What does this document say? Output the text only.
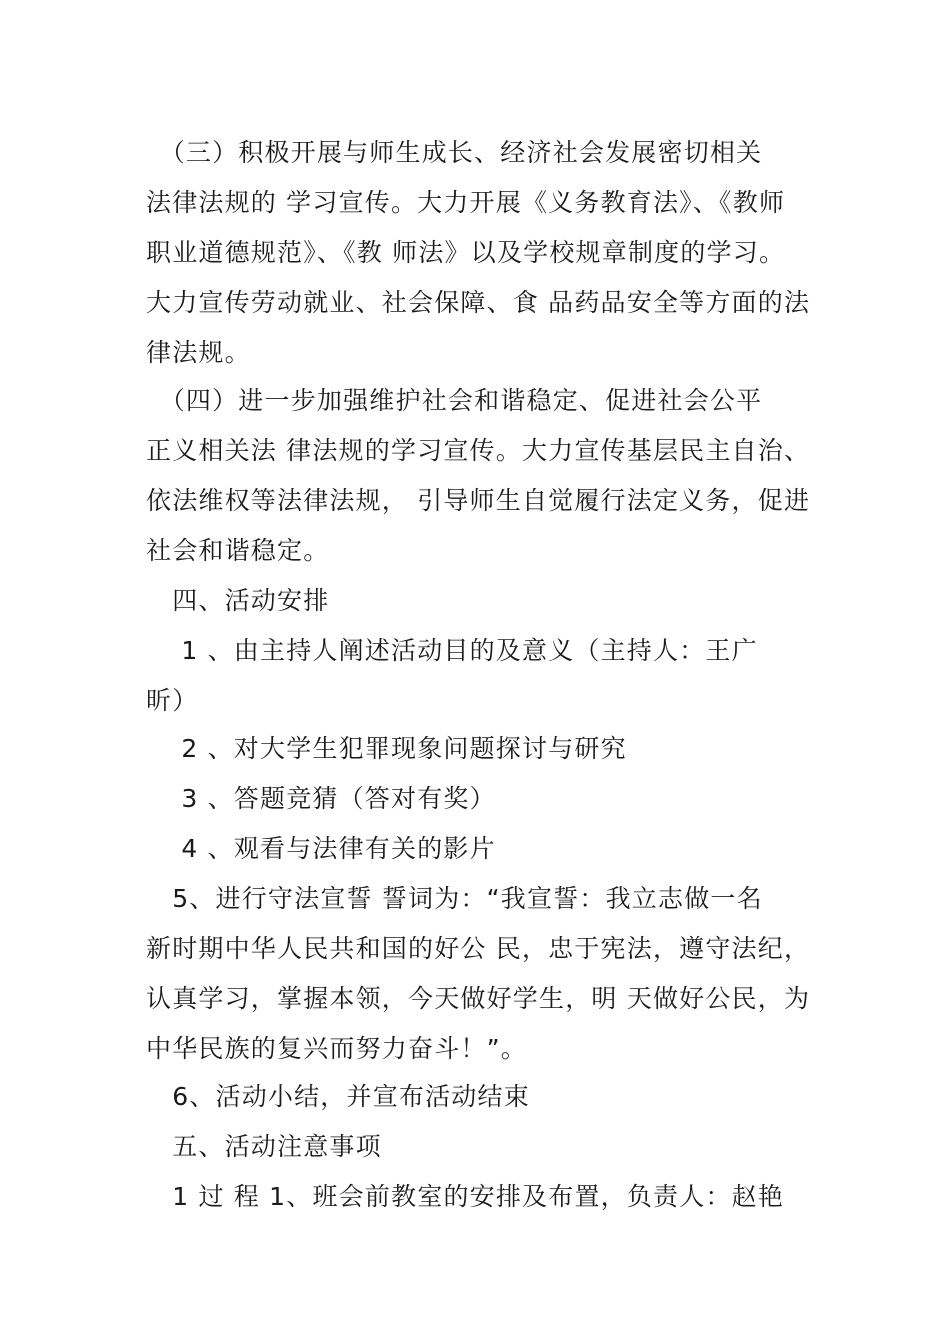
　（三）积极开展与师生成长、经济社会发展密切相关
法律法规的 学习宣传。大力开展《义务教育法》、《教师
职业道德规范》、《教 师法》以及学校规章制度的学习。
大力宣传劳动就业、社会保障、食 品药品安全等方面的法
律法规。
　（四）进一步加强维护社会和谐稳定、促进社会公平
正义相关法 律法规的学习宣传。大力宣传基层民主自治、
依法维权等法律法规， 引导师生自觉履行法定义务，促进
社会和谐稳定。
　四、活动安排
　 1 、由主持人阐述活动目的及意义（主持人：王广
昕）
　 2 、对大学生犯罪现象问题探讨与研究
　 3 、答题竞猜（答对有奖）
　 4 、观看与法律有关的影片
　5、进行守法宣誓 誓词为：“我宣誓：我立志做一名
新时期中华人民共和国的好公 民，忠于宪法，遵守法纪，
认真学习，掌握本领，今天做好学生，明 天做好公民，为
中华民族的复兴而努力奋斗！”。
　6、活动小结，并宣布活动结束
　五、活动注意事项
　1 过 程 1、班会前教室的安排及布置，负责人：赵艳
